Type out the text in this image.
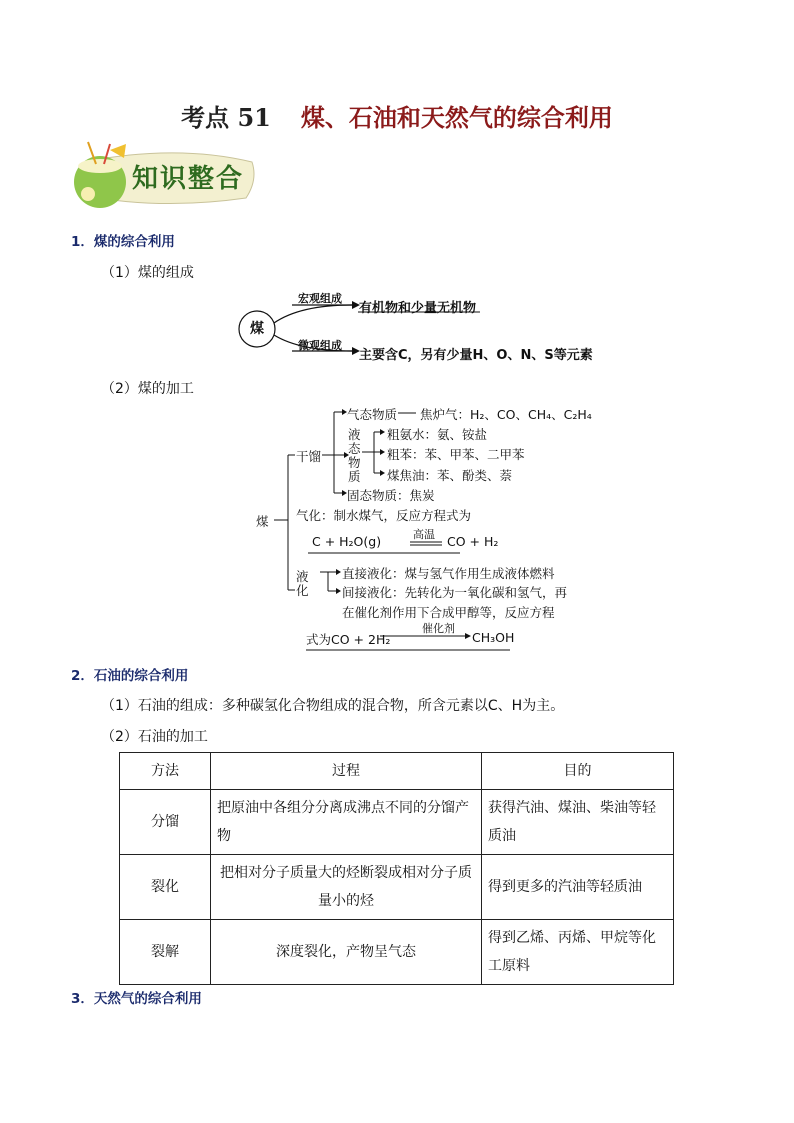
考点 51 煤、石油和天然气的综合利用
知识整合
1．煤的综合利用
（1）煤的组成
煤
宏观组成
有机物和少量无机物
微观组成
主要含C，另有少量H、O、N、S等元素
（2）煤的加工
煤
干馏
气态物质 焦炉气：H₂、CO、CH₄、C₂H₄
液
态
物
质
粗氨水：氨、铵盐
粗苯：苯、甲苯、二甲苯
煤焦油：苯、酚类、萘
固态物质：焦炭
气化：制水煤气，反应方程式为
C + H₂O(g)	高温 CO + H₂
液
化
直接液化：煤与氢气作用生成液体燃料
间接液化：先转化为一氧化碳和氢气，再
在催化剂作用下合成甲醇等，反应方程
式为CO + 2H₂
催化剂
CH₃OH
2．石油的综合利用
（1）石油的组成：多种碳氢化合物组成的混合物，所含元素以C、H为主。
（2）石油的加工
方法	过程	目的
分馏	把原油中各组分分离成沸点不同的分馏产物	获得汽油、煤油、柴油等轻质油
裂化	把相对分子质量大的烃断裂成相对分子质量小的烃	得到更多的汽油等轻质油
裂解	深度裂化，产物呈气态	得到乙烯、丙烯、甲烷等化工原料
3．天然气的综合利用
